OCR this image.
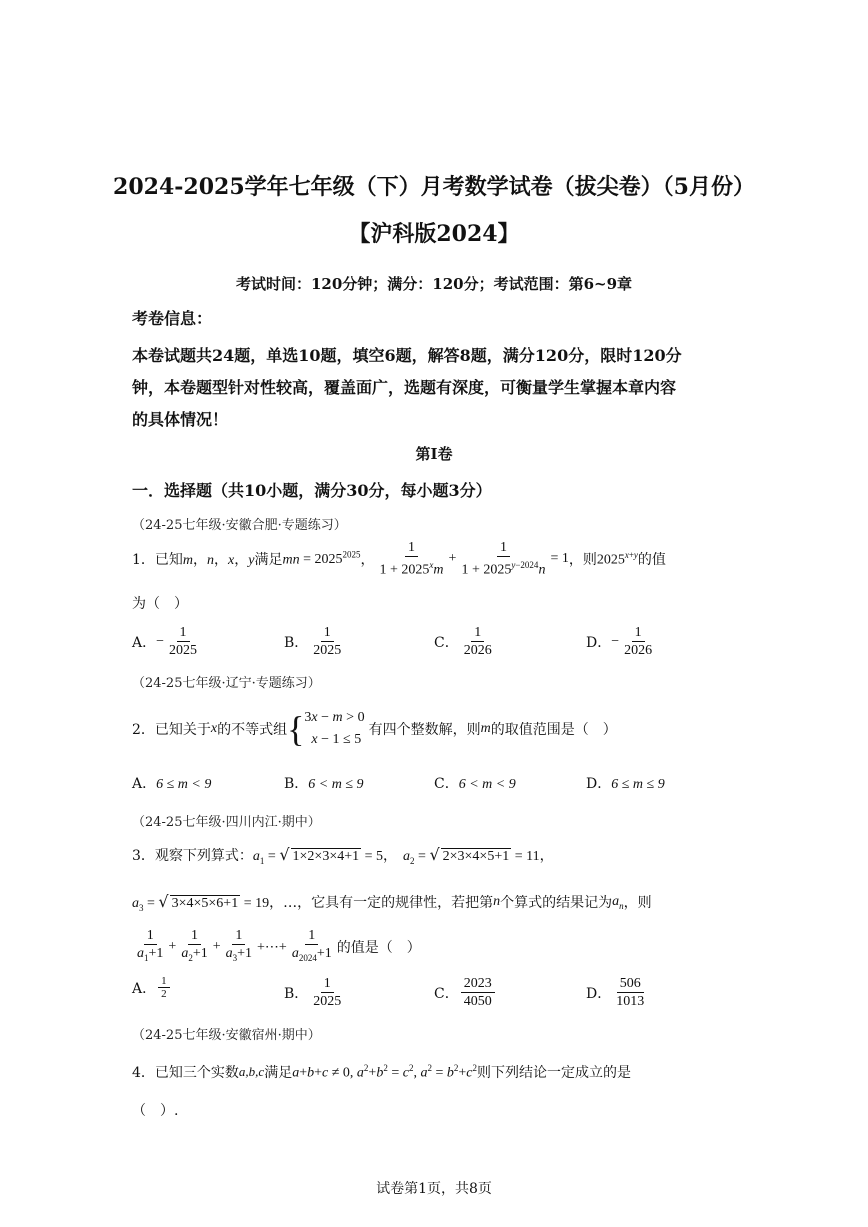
2024-2025学年七年级（下）月考数学试卷（拔尖卷）（5月份）
【沪科版2024】
考试时间：120分钟；满分：120分；考试范围：第6~9章
考卷信息：
本卷试题共24题，单选10题，填空6题，解答8题，满分120分，限时120分
钟，本卷题型针对性较高，覆盖面广，选题有深度，可衡量学生掌握本章内容
的具体情况！
第I卷
一．选择题（共10小题，满分30分，每小题3分）
（24-25七年级·安徽合肥·专题练习）
1．已知 m，n，x，y 满足 mn = $2025^{2025}$ ， $\frac{1}{1 + 2025^xm} + \frac{1}{1 + 2025^{y-2024}n} = 1$ ，则 $2025^{x+y}$ 的值
为（　）
A． − $\frac{1}{2025}$	B． $\frac{1}{2025}$	C． $\frac{1}{2026}$	D． − $\frac{1}{2026}$
（24-25七年级·辽宁·专题练习）
2．已知关于 x 的不等式组 { 3x − m > 0
x − 1 ≤ 5
有四个整数解，则 m 的取值范围是（　）
A．6 ≤ m < 9	B．6 < m ≤ 9	C．6 < m < 9	D．6 ≤ m ≤ 9
（24-25七年级·四川内江·期中）
3．观察下列算式： $a_1$ = √ 1×2×3×4+1 = 5， $a_2$ = √ 2×3×4×5+1 = 11，
$a_3$ = √ 3×4×5×6+1 = 19 ，…，它具有一定的规律性，若把第 n 个算式的结果记为 $a_n$ ，则
$\frac{1}{a_1+1} + \frac{1}{a_2+1} + \frac{1}{a_3+1}$ +⋯+ $\frac{1}{a_{2024}+1}$ 的值是（　）
A． $\frac{1}{2}$	B． $\frac{1}{2025}$	C． $\frac{2023}{4050}$	D． $\frac{506}{1013}$
（24-25七年级·安徽宿州·期中）
4．已知三个实数 a,b,c 满足 a+b+c ≠ 0, $a^2+b^2 = c^2$, $a^2 = b^2+c^2$ 则下列结论一定成立的是
（　）.
试卷第1页，共8页
